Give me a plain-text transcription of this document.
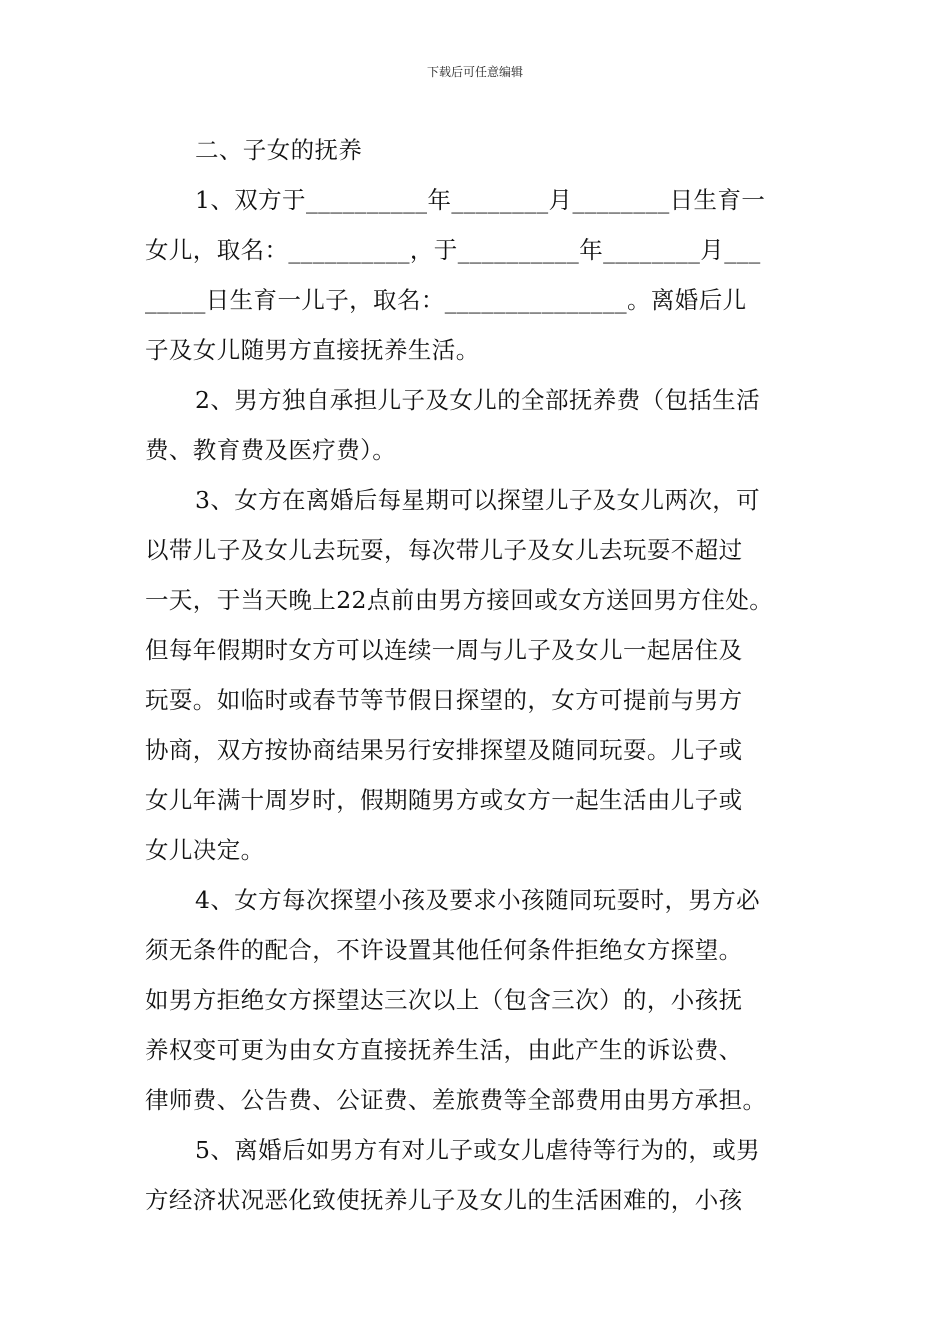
下载后可任意编辑
二、子女的抚养
1、双方于__________年________月________日生育一
女儿，取名：__________，于__________年________月___
_____日生育一儿子，取名：_______________。离婚后儿
子及女儿随男方直接抚养生活。
2、男方独自承担儿子及女儿的全部抚养费（包括生活
费、教育费及医疗费）。
3、女方在离婚后每星期可以探望儿子及女儿两次，可
以带儿子及女儿去玩耍，每次带儿子及女儿去玩耍不超过
一天，于当天晚上22点前由男方接回或女方送回男方住处。
但每年假期时女方可以连续一周与儿子及女儿一起居住及
玩耍。如临时或春节等节假日探望的，女方可提前与男方
协商，双方按协商结果另行安排探望及随同玩耍。儿子或
女儿年满十周岁时，假期随男方或女方一起生活由儿子或
女儿决定。
4、女方每次探望小孩及要求小孩随同玩耍时，男方必
须无条件的配合，不许设置其他任何条件拒绝女方探望。
如男方拒绝女方探望达三次以上（包含三次）的，小孩抚
养权变可更为由女方直接抚养生活，由此产生的诉讼费、
律师费、公告费、公证费、差旅费等全部费用由男方承担。
5、离婚后如男方有对儿子或女儿虐待等行为的，或男
方经济状况恶化致使抚养儿子及女儿的生活困难的，小孩
